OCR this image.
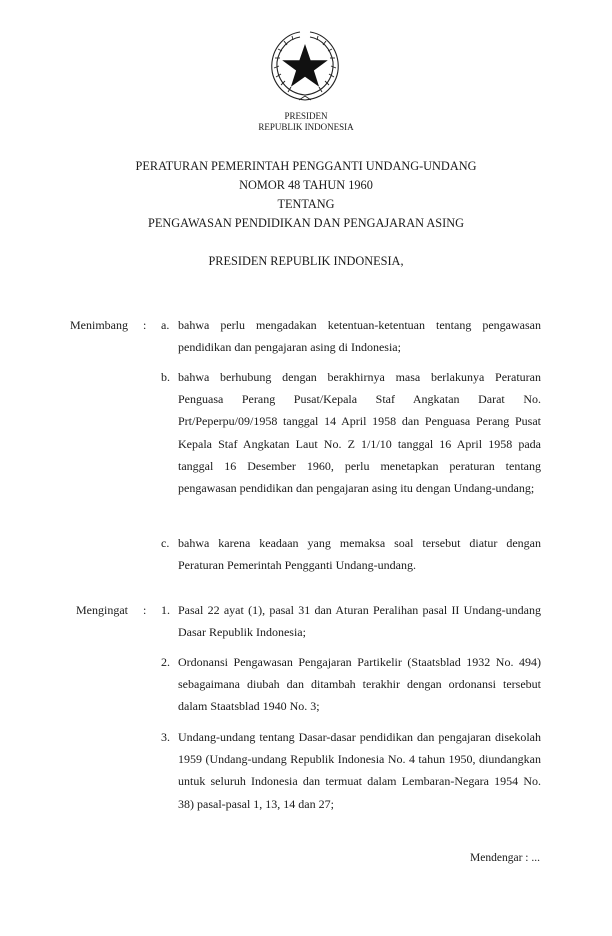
PRESIDEN
REPUBLIK INDONESIA
PERATURAN PEMERINTAH PENGGANTI UNDANG-UNDANG
NOMOR 48 TAHUN 1960
TENTANG
PENGAWASAN PENDIDIKAN DAN PENGAJARAN ASING
PRESIDEN REPUBLIK INDONESIA,
Menimbang	: a. bahwa perlu mengadakan ketentuan-ketentuan tentang pengawasan pendidikan dan pengajaran asing di Indonesia;
b. bahwa berhubung dengan berakhirnya masa berlakunya Peraturan Penguasa Perang Pusat/Kepala Staf Angkatan Darat No. Prt/Peperpu/09/1958 tanggal 14 April 1958 dan Penguasa Perang Pusat Kepala Staf Angkatan Laut No. Z 1/1/10 tanggal 16 April 1958 pada tanggal 16 Desember 1960, perlu menetapkan peraturan tentang pengawasan pendidikan dan pengajaran asing itu dengan Undang-undang;
c. bahwa karena keadaan yang memaksa soal tersebut diatur dengan Peraturan Pemerintah Pengganti Undang-undang.
Mengingat	: 1. Pasal 22 ayat (1), pasal 31 dan Aturan Peralihan pasal II Undang-undang Dasar Republik Indonesia;
2. Ordonansi Pengawasan Pengajaran Partikelir (Staatsblad 1932 No. 494) sebagaimana diubah dan ditambah terakhir dengan ordonansi tersebut dalam Staatsblad 1940 No. 3;
3. Undang-undang tentang Dasar-dasar pendidikan dan pengajaran disekolah 1959 (Undang-undang Republik Indonesia No. 4 tahun 1950, diundangkan untuk seluruh Indonesia dan termuat dalam Lembaran-Negara 1954 No. 38) pasal-pasal 1, 13, 14 dan 27;
Mendengar : ...
